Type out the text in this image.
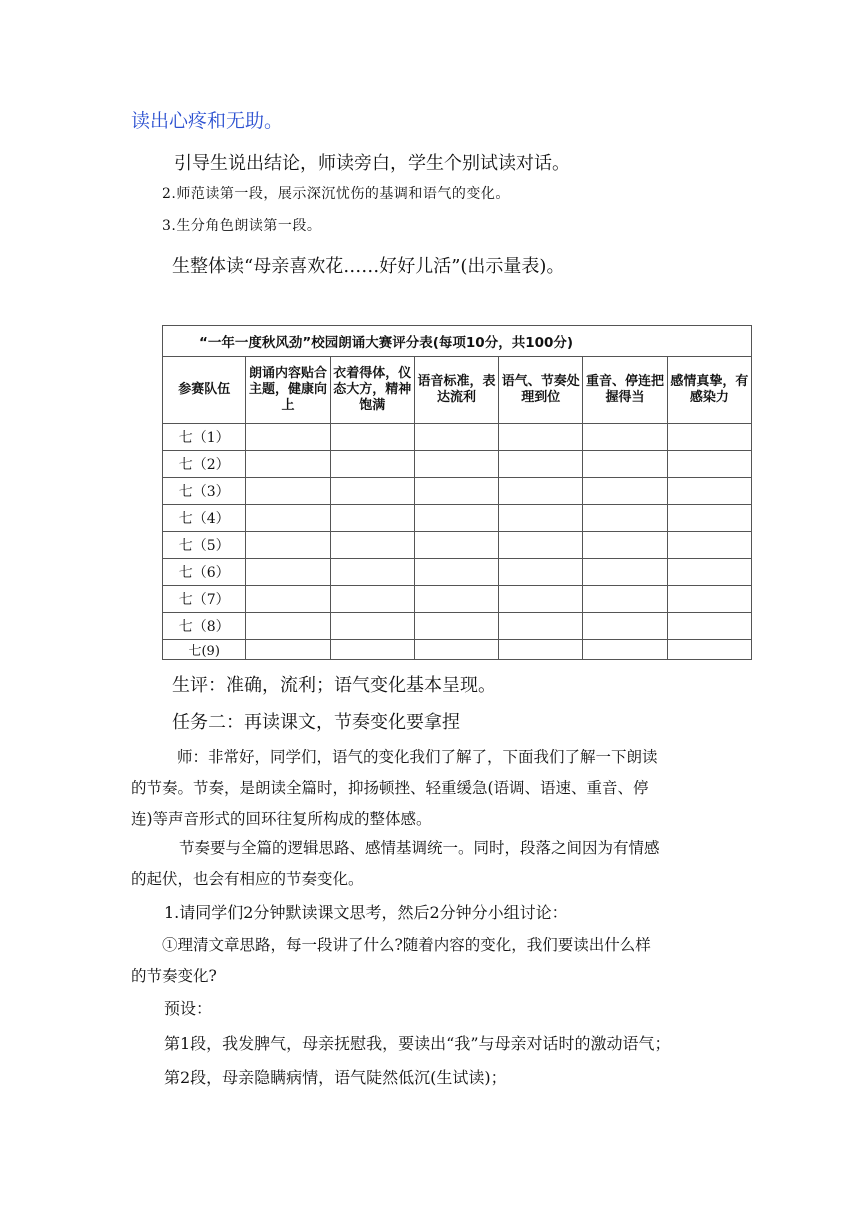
读出心疼和无助。
引导生说出结论，师读旁白，学生个别试读对话。
2.师范读第一段，展示深沉忧伤的基调和语气的变化。
3.生分角色朗读第一段。
生整体读“母亲喜欢花……好好儿活”(出示量表)。
“一年一度秋风劲”校园朗诵大赛评分表(每项10分，共100分)						
参赛队伍	朗诵内容贴合主题，健康向上	衣着得体，仪态大方，精神饱满	语音标准，表达流利	语气、节奏处理到位	重音、停连把握得当	感情真挚，有感染力
七（1）						
七（2）						
七（3）						
七（4）						
七（5）						
七（6）						
七（7）						
七（8）						
七(9)						
生评：准确，流利；语气变化基本呈现。
任务二：再读课文，节奏变化要拿捏

师：非常好，同学们，语气的变化我们了解了，下面我们了解一下朗读

的节奏。节奏，是朗读全篇时，抑扬顿挫、轻重缓急(语调、语速、重音、停

连)等声音形式的回环往复所构成的整体感。

节奏要与全篇的逻辑思路、感情基调统一。同时，段落之间因为有情感

的起伏，也会有相应的节奏变化。

1.请同学们2分钟默读课文思考，然后2分钟分小组讨论：

①理清文章思路，每一段讲了什么?随着内容的变化，我们要读出什么样

的节奏变化?

预设：
第1段，我发脾气，母亲抚慰我，要读出“我”与母亲对话时的激动语气；
第2段，母亲隐瞒病情，语气陡然低沉(生试读)；
